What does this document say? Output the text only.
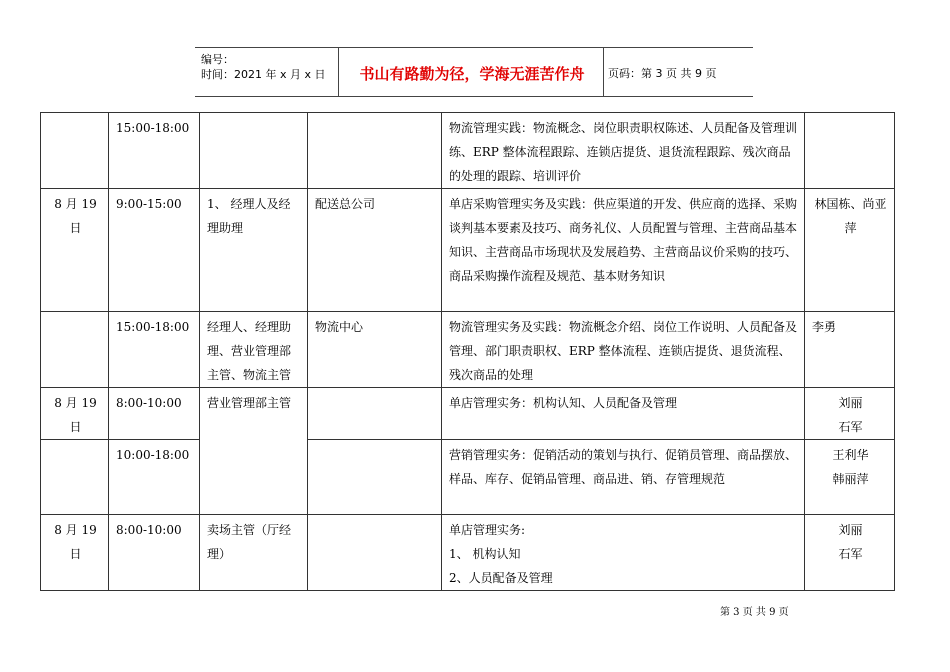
编号：
时间：2021 年 x 月 x 日	书山有路勤为径，学海无涯苦作舟	页码：第 3 页 共 9 页
	15:00-18:00			物流管理实践：物流概念、岗位职责职权陈述、人员配备及管理训练、ERP 整体流程跟踪、连锁店提货、退货流程跟踪、残次商品的处理的跟踪、培训评价	
8 月 19 日	9:00-15:00	1、 经理人及经理助理	配送总公司	单店采购管理实务及实践：供应渠道的开发、供应商的选择、采购谈判基本要素及技巧、商务礼仪、人员配置与管理、主营商品基本知识、主营商品市场现状及发展趋势、主营商品议价采购的技巧、商品采购操作流程及规范、基本财务知识	林国栋、尚亚萍
	15:00-18:00	经理人、经理助理、营业管理部主管、物流主管	物流中心	物流管理实务及实践：物流概念介绍、岗位工作说明、人员配备及管理、部门职责职权、ERP 整体流程、连锁店提货、退货流程、残次商品的处理	李勇
8 月 19 日	8:00-10:00	营业管理部主管		单店管理实务：机构认知、人员配备及管理	刘丽
石军
	10:00-18:00			营销管理实务：促销活动的策划与执行、促销员管理、商品摆放、样品、库存、促销品管理、商品进、销、存管理规范	王利华
韩丽萍
8 月 19 日	8:00-10:00	卖场主管（厅经理）		单店管理实务:
1、 机构认知
2、人员配备及管理	刘丽
石军
第 3 页 共 9 页
